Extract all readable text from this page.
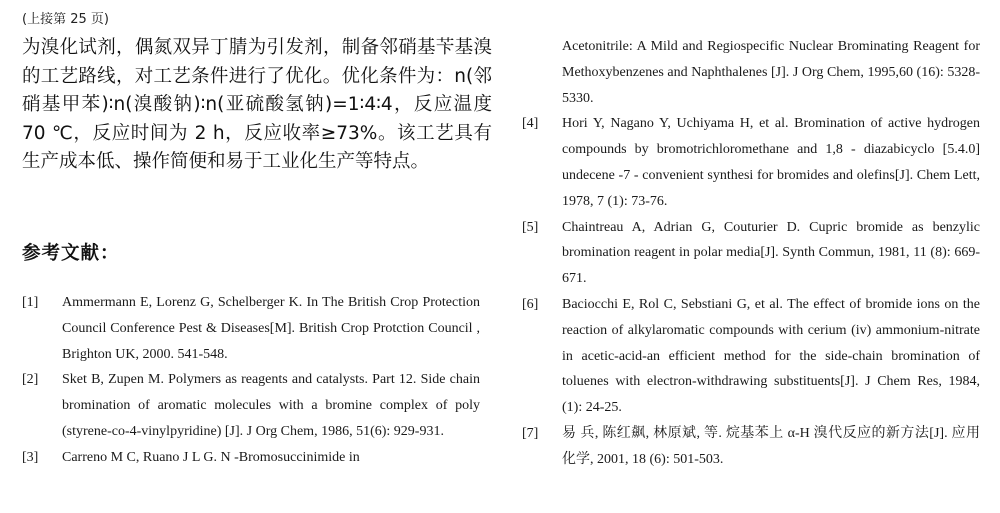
(上接第 25 页)

为溴化试剂，偶氮双异丁腈为引发剂，制备邻硝基苄基溴的工艺路线，对工艺条件进行了优化。优化条件为：n(邻硝基甲苯)∶n(溴酸钠)∶n(亚硫酸氢钠)=1∶4∶4，反应温度 70 ℃，反应时间为 2 h，反应收率≥73%。该工艺具有生产成本低、操作简便和易于工业化生产等特点。

参考文献：
[1] Ammermann E, Lorenz G, Schelberger K. In The British Crop Protection Council Conference Pest & Diseases[M]. British Crop Protction Council , Brighton UK, 2000. 541-548.
[2] Sket B, Zupen M. Polymers as reagents and catalysts. Part 12. Side chain bromination of aromatic molecules with a bromine complex of poly (styrene-co-4-vinylpyridine) [J]. J Org Chem, 1986, 51(6): 929-931.
[3] Carreno M C, Ruano J L G. N -Bromosuccinimide in
Acetonitrile: A Mild and Regiospecific Nuclear Brominating Reagent for Methoxybenzenes and Naphthalenes [J]. J Org Chem, 1995,60 (16): 5328-5330.
[4] Hori Y, Nagano Y, Uchiyama H, et al. Bromination of active hydrogen compounds by bromotrichloromethane and 1,8 - diazabicyclo [5.4.0] undecene -7 - convenient synthesi for bromides and olefins[J]. Chem Lett, 1978, 7 (1): 73-76.
[5] Chaintreau A, Adrian G, Couturier D. Cupric bromide as benzylic bromination reagent in polar media[J]. Synth Commun, 1981, 11 (8): 669-671.
[6] Baciocchi E, Rol C, Sebstiani G, et al. The effect of bromide ions on the reaction of alkylaromatic compounds with cerium (iv) ammonium-nitrate in acetic-acid-an efficient method for the side-chain bromination of toluenes with electron-withdrawing substituents[J]. J Chem Res, 1984, (1): 24-25.
[7] 易 兵, 陈红飙, 林原斌, 等. 烷基苯上 α-H 溴代反应的新方法[J]. 应用化学, 2001, 18 (6): 501-503.
